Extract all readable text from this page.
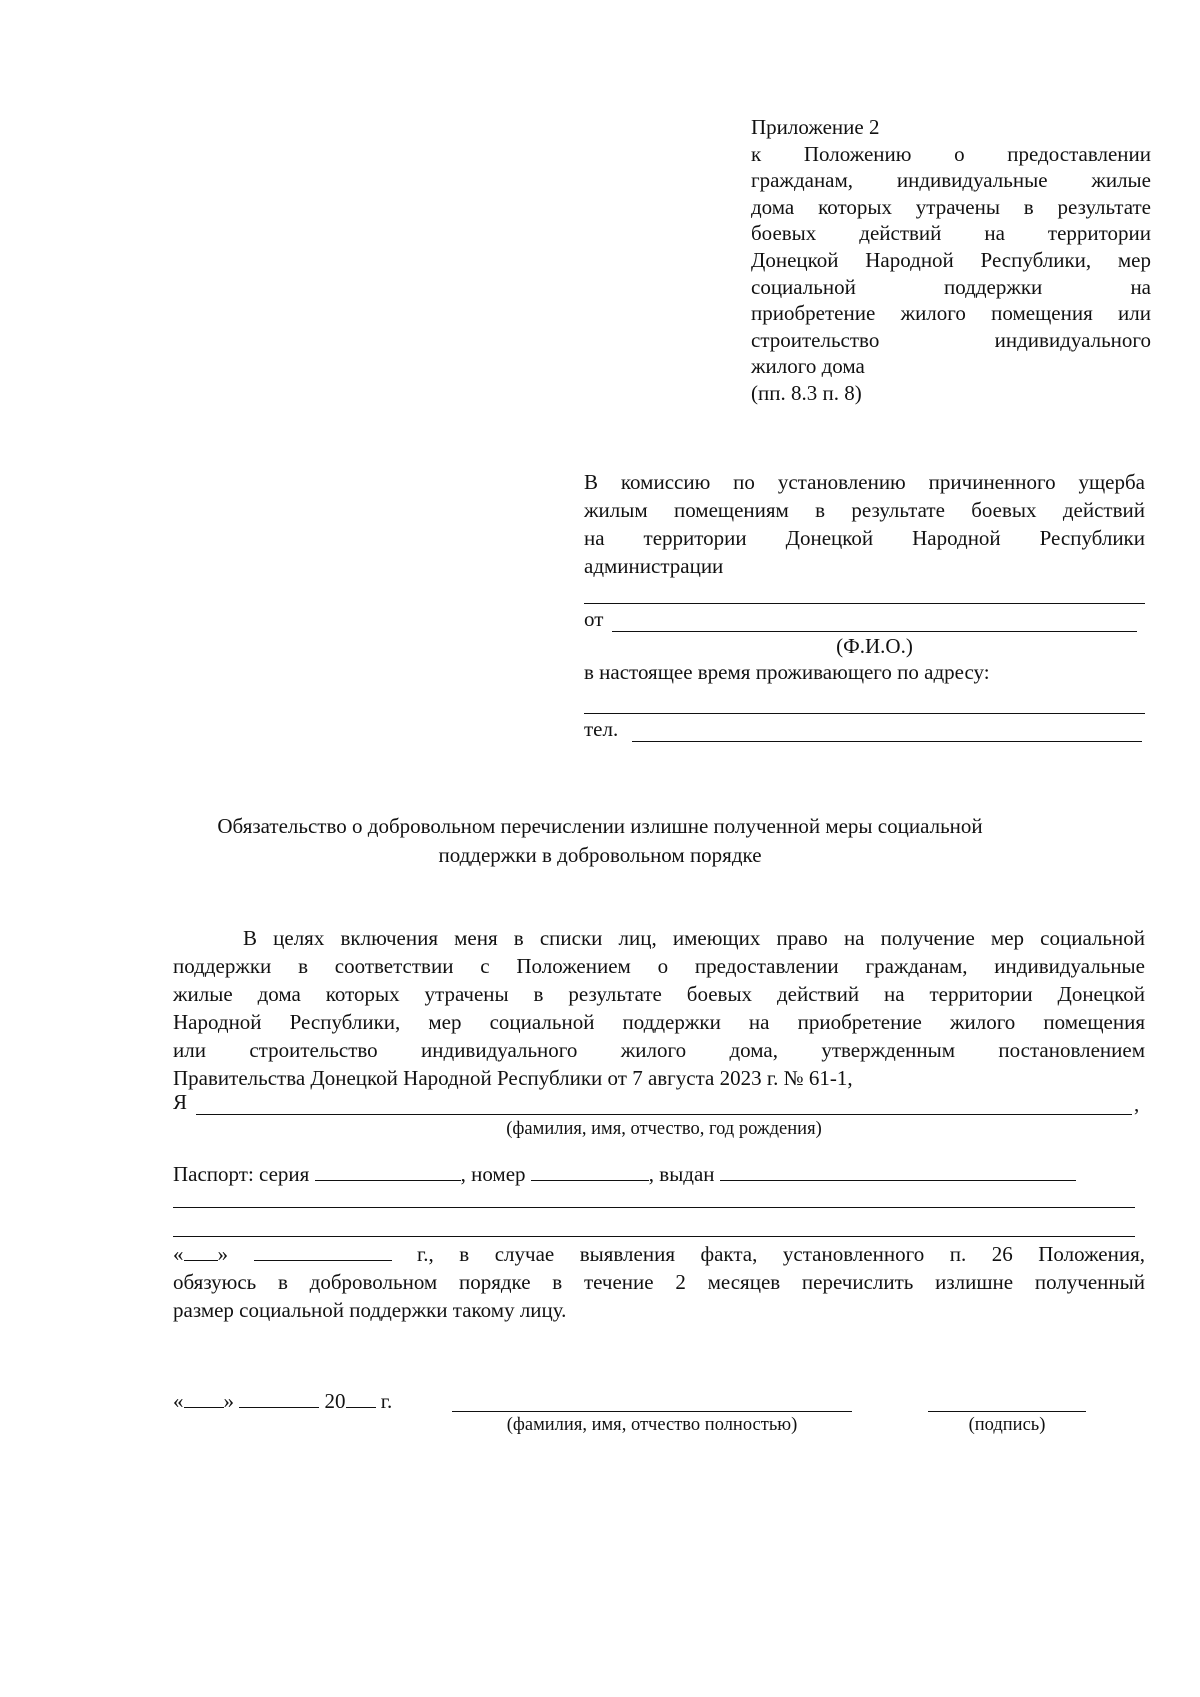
Приложение 2

к Положению о предоставлении

гражданам, индивидуальные жилые

дома которых утрачены в результате

боевых действий на территории

Донецкой Народной Республики, мер

социальной поддержки на

приобретение жилого помещения или

строительство индивидуального

жилого дома

(пп. 8.3 п. 8)

В комиссию по установлению причиненного ущерба

жилым помещениям в результате боевых действий

на территории Донецкой Народной Республики

администрации

от
(Ф.И.О.)
в настоящее время проживающего по адресу:
тел.

Обязательство о добровольном перечислении излишне полученной меры социальной

поддержки в добровольном порядке

В целях включения меня в списки лиц, имеющих право на получение мер социальной

поддержки в соответствии с Положением о предоставлении гражданам, индивидуальные

жилые дома которых утрачены в результате боевых действий на территории Донецкой

Народной Республики, мер социальной поддержки на приобретение жилого помещения

или строительство индивидуального жилого дома, утвержденным постановлением

Правительства Донецкой Народной Республики от 7 августа 2023 г. № 61-1,

Я	,
(фамилия, имя, отчество, год рождения)
Паспорт: серия	, номер	, выдан

« »	г., в случае выявления факта, установленного п. 26 Положения,

обязуюсь в добровольном порядке в течение 2 месяцев перечислить излишне полученный

размер социальной поддержки такому лицу.

« »	20 г.
(фамилия, имя, отчество полностью)	(подпись)
